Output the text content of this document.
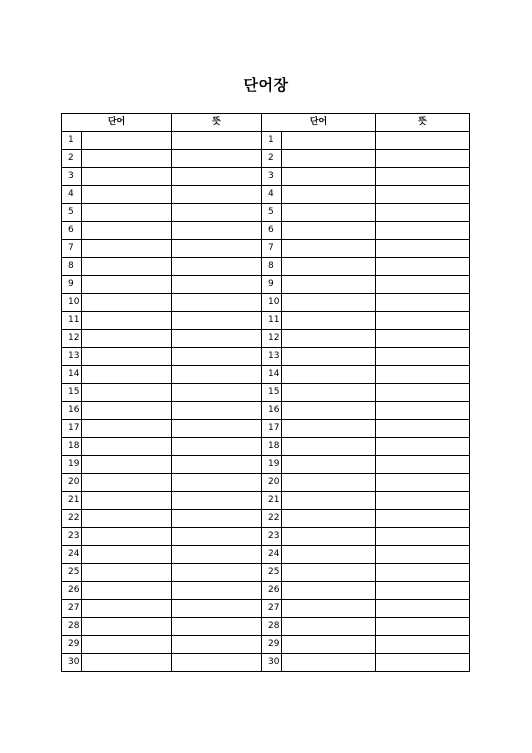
단어장
단어		뜻	단어		뜻
1			1		
2			2		
3			3		
4			4		
5			5		
6			6		
7			7		
8			8		
9			9		
10			10		
11			11		
12			12		
13			13		
14			14		
15			15		
16			16		
17			17		
18			18		
19			19		
20			20		
21			21		
22			22		
23			23		
24			24		
25			25		
26			26		
27			27		
28			28		
29			29		
30			30		
